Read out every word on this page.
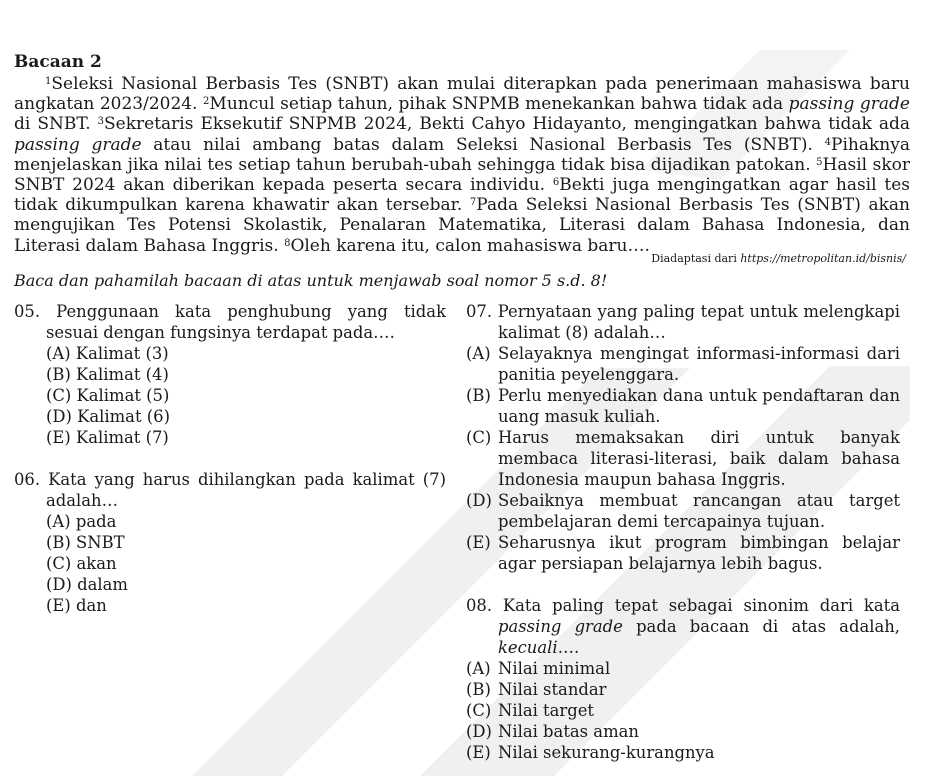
Bacaan 2

$^1$Seleksi Nasional Berbasis Tes (SNBT) akan mulai diterapkan pada penerimaan mahasiswa baru angkatan 2023/2024. $^2$Muncul setiap tahun, pihak SNPMB menekankan bahwa tidak ada passing grade di SNBT. $^3$Sekretaris Eksekutif SNPMB 2024, Bekti Cahyo Hidayanto, mengingatkan bahwa tidak ada passing grade atau nilai ambang batas dalam Seleksi Nasional Berbasis Tes (SNBT). $^4$Pihaknya menjelaskan jika nilai tes setiap tahun berubah-ubah sehingga tidak bisa dijadikan patokan. $^5$Hasil skor SNBT 2024 akan diberikan kepada peserta secara individu. $^6$Bekti juga mengingatkan agar hasil tes tidak dikumpulkan karena khawatir akan tersebar. $^7$Pada Seleksi Nasional Berbasis Tes (SNBT) akan mengujikan Tes Potensi Skolastik, Penalaran Matematika, Literasi dalam Bahasa Indonesia, dan Literasi dalam Bahasa Inggris. $^8$Oleh karena itu, calon mahasiswa baru….

Diadaptasi dari https://metropolitan.id/bisnis/
Baca dan pahamilah bacaan di atas untuk menjawab soal nomor 5 s.d. 8!
05. Penggunaan kata penghubung yang tidak sesuai dengan fungsinya terdapat pada….
(A) Kalimat (3)
(B) Kalimat (4)
(C) Kalimat (5)
(D) Kalimat (6)
(E) Kalimat (7)
06. Kata yang harus dihilangkan pada kalimat (7) adalah…
(A) pada
(B) SNBT
(C) akan
(D) dalam
(E) dan
07. Pernyataan yang paling tepat untuk melengkapi kalimat (8) adalah…
(A) Selayaknya mengingat informasi-informasi dari panitia peyelenggara.
(B) Perlu menyediakan dana untuk pendaftaran dan uang masuk kuliah.
(C) Harus memaksakan diri untuk banyak membaca literasi-literasi, baik dalam bahasa Indonesia maupun bahasa Inggris.
(D) Sebaiknya membuat rancangan atau target pembelajaran demi tercapainya tujuan.
(E) Seharusnya ikut program bimbingan belajar agar persiapan belajarnya lebih bagus.
08. Kata paling tepat sebagai sinonim dari kata passing grade pada bacaan di atas adalah, kecuali….
(A) Nilai minimal
(B) Nilai standar
(C) Nilai target
(D) Nilai batas aman
(E) Nilai sekurang-kurangnya
